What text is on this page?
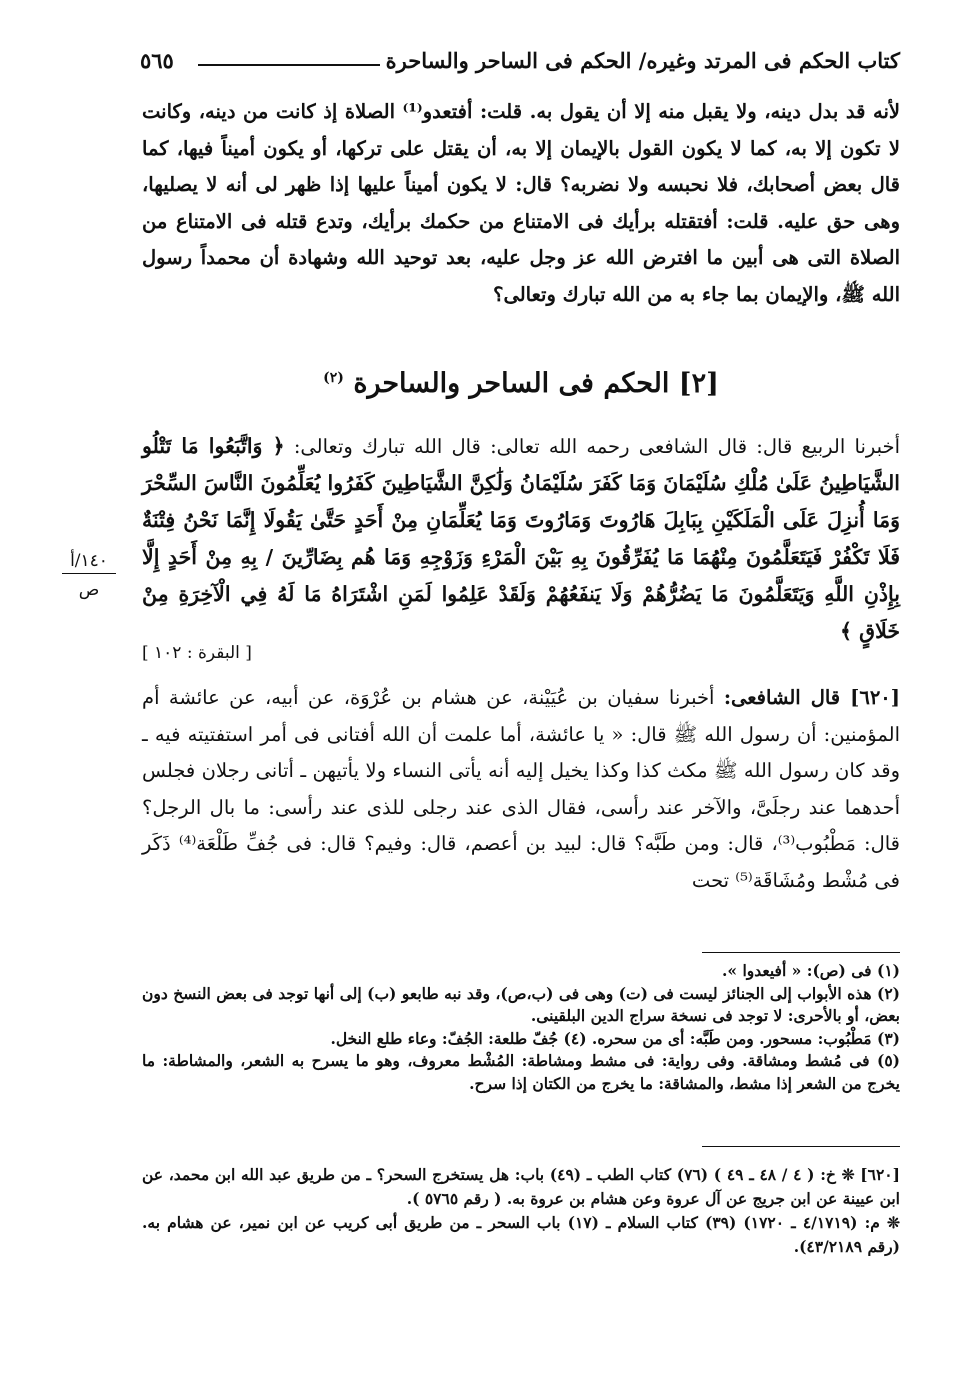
كتاب الحكم فى المرتد وغيره/ الحكم فى الساحر والساحرة
٥٦٥
لأنه قد بدل دينه، ولا يقبل منه إلا أن يقول به. قلت: أفتعدو⁽¹⁾ الصلاة إذ كانت من دينه، وكانت لا تكون إلا به، كما لا يكون القول بالإيمان إلا به، أن يقتل على تركها، أو يكون أميناً فيها، كما قال بعض أصحابك، فلا نحبسه ولا نضربه؟ قال: لا يكون أميناً عليها إذا ظهر لى أنه لا يصليها، وهى حق عليه. قلت: أفتقتله برأيك فى الامتناع من حكمك برأيك، وتدع قتله فى الامتناع من الصلاة التى هى أبين ما افترض الله عز وجل عليه، بعد توحيد الله وشهادة أن محمداً رسول الله ﷺ، والإيمان بما جاء به من الله تبارك وتعالى؟
[٢] الحكم فى الساحر والساحرة $^{(٢)}$
أخبرنا الربيع قال: قال الشافعى رحمه الله تعالى: قال الله تبارك وتعالى: ﴿ وَاتَّبَعُوا مَا تَتْلُو الشَّيَاطِينُ عَلَىٰ مُلْكِ سُلَيْمَانَ وَمَا كَفَرَ سُلَيْمَانُ وَلَٰكِنَّ الشَّيَاطِينَ كَفَرُوا يُعَلِّمُونَ النَّاسَ السِّحْرَ وَمَا أُنزِلَ عَلَى الْمَلَكَيْنِ بِبَابِلَ هَارُوتَ وَمَارُوتَ وَمَا يُعَلِّمَانِ مِنْ أَحَدٍ حَتَّىٰ يَقُولَا إِنَّمَا نَحْنُ فِتْنَةٌ فَلَا تَكْفُرْ فَيَتَعَلَّمُونَ مِنْهُمَا مَا يُفَرِّقُونَ بِهِ بَيْنَ الْمَرْءِ وَزَوْجِهِ وَمَا هُم بِضَارِّينَ / بِهِ مِنْ أَحَدٍ إِلَّا بِإِذْنِ اللَّهِ وَيَتَعَلَّمُونَ مَا يَضُرُّهُمْ وَلَا يَنفَعُهُمْ وَلَقَدْ عَلِمُوا لَمَنِ اشْتَرَاهُ مَا لَهُ فِي الْآخِرَةِ مِنْ خَلَاقٍ ﴾
[ البقرة : ١٠٢ ]
١٤٠/أ
ص
[٦٢٠] قال الشافعى: أخبرنا سفيان بن عُيَيْنة، عن هشام بن عُرْوَة، عن أبيه، عن عائشة أم المؤمنين: أن رسول الله ﷺ قال: « يا عائشة، أما علمت أن الله أفتانى فى أمر استفتيته فيه ـ وقد كان رسول الله ﷺ مكث كذا وكذا يخيل إليه أنه يأتى النساء ولا يأتيهن ـ أتانى رجلان فجلس أحدهما عند رجلَىَّ، والآخر عند رأسى، فقال الذى عند رجلى للذى عند رأسى: ما بال الرجل؟ قال: مَطْبُوب⁽³⁾، قال: ومن طَبَّه؟ قال: لبيد بن أعصم، قال: وفيم؟ قال: فى جُفِّ طَلْعَة⁽⁴⁾ ذَكَر فى مُشْط ومُشَاقَة⁽⁵⁾ تحت
(١) فى (ص): « أفيعدوا ».
(٢) هذه الأبواب إلى الجنائز ليست فى (ت) وهى فى (ب،ص)، وقد نبه طابعو (ب) إلى أنها توجد فى بعض النسخ دون بعض، أو بالأحرى: لا توجد فى نسخة سراج الدين البلقينى.
(٣) مَطْبُوب: مسحور. ومن طَبَّه: أى من سحره. (٤) جُفّ طلعة: الجُفّ: وعاء طلع النخل.
(٥) فى مُشط ومشاقة. وفى رواية: فى مشط ومشاطة: المُشْط معروف، وهو ما يسرح به الشعر، والمشاطة: ما يخرج من الشعر إذا مشط، والمشاقة: ما يخرج من الكتان إذا سرح.
[٦٢٠] ❊ خ: ( ٤ / ٤٨ ـ ٤٩ ) (٧٦) كتاب الطب ـ (٤٩) باب: هل يستخرج السحر؟ ـ من طريق عبد الله ابن محمد، عن ابن عيينة عن ابن جريج عن آل عروة وعن هشام بن عروة به. ( رقم ٥٧٦٥ ).
❊ م: (٤/١٧١٩ ـ ١٧٢٠) (٣٩) كتاب السلام ـ (١٧) باب السحر ـ من طريق أبى كريب عن ابن نمير، عن هشام به. (رقم ٤٣/٢١٨٩).
